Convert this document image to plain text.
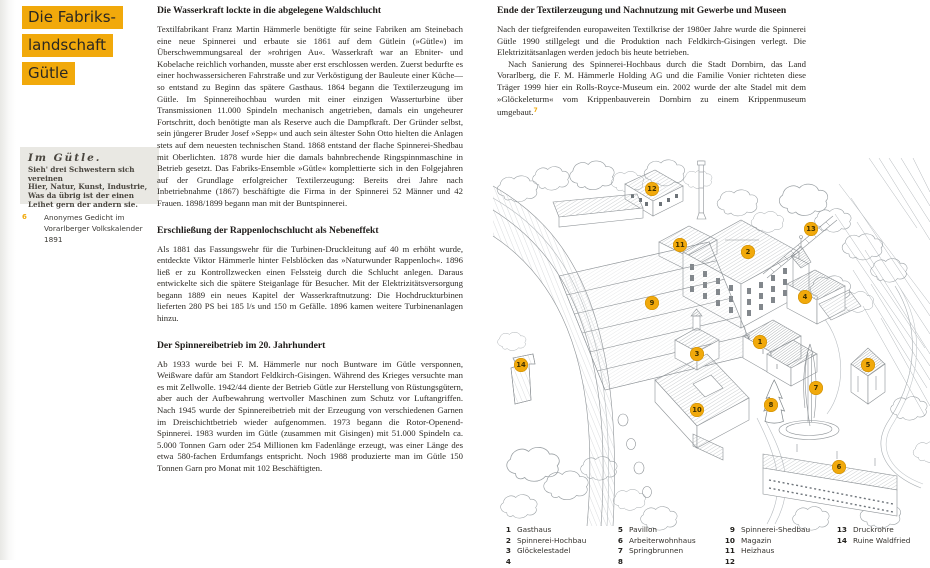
Die Fabriks-
landschaft
Gütle
Im Gütle.
Sieh' drei Schwestern sich vereinen
Hier, Natur, Kunst, Industrie,
Was da übrig ist der einen
Leihet gern der andern sie.
6	Anonymes Gedicht im Vorarlberger Volkskalender 1891
Die Wasserkraft lockte in die abgelegene Waldschlucht

Textilfabrikant Franz Martin Hämmerle benötigte für seine Fabriken am Steinebach eine neue Spinnerei und erbaute sie 1861 auf dem Gütlein (»Gütle«) im Überschwemmungsareal der »rohrigen Au«. Wasserkraft war an Ebniter- und Kobelache reichlich vorhanden, musste aber erst erschlossen werden. Zuerst bedurfte es einer hochwassersicheren Fahrstraße und zur Verköstigung der Bauleute einer Küche—so entstand zu Beginn das spätere Gasthaus. 1864 begann die Textilerzeugung im Gütle. Im Spinnereihochbau wurden mit einer einzigen Wasserturbine über Transmissionen 11.000 Spindeln mechanisch angetrieben, damals ein ungeheurer Fortschritt, doch benötigte man als Reserve auch die Dampfkraft. Der Gründer selbst, sein jüngerer Bruder Josef »Sepp« und auch sein ältester Sohn Otto hielten die Anlagen stets auf dem neuesten technischen Stand. 1868 entstand der flache Spinnerei-Shedbau mit Oberlichten. 1878 wurde hier die damals bahnbrechende Ringspinnmaschine in Betrieb gesetzt. Das Fabriks-Ensemble »Gütle« komplettierte sich in den Folgejahren auf der Grundlage erfolgreicher Textilerzeugung: Bereits drei Jahre nach Inbetriebnahme (1867) beschäftigte die Firma in der Spinnerei 52 Männer und 42 Frauen. 1898/1899 begann man mit der Buntspinnerei.

Erschließung der Rappenlochschlucht als Nebeneffekt

Als 1881 das Fassungswehr für die Turbinen-Druckleitung auf 40 m erhöht wurde, entdeckte Viktor Hämmerle hinter Felsblöcken das »Naturwunder Rappenloch«. 1896 ließ er zu Kontrollzwecken einen Felssteig durch die Schlucht anlegen. Daraus entwickelte sich die spätere Steiganlage für Besucher. Mit der Elektrizitätsversorgung begann 1889 ein neues Kapitel der Wasserkraftnutzung: Die Hochdruckturbinen lieferten 280 PS bei 185 l/s und 150 m Gefälle. 1896 kamen weitere Turbinenanlagen hinzu.

Der Spinnereibetrieb im 20. Jahrhundert

Ab 1933 wurde bei F. M. Hämmerle nur noch Buntware im Gütle versponnen, Weißware dafür am Standort Feldkirch-Gisingen. Während des Krieges versuchte man es mit Zellwolle. 1942/44 diente der Betrieb Gütle zur Herstellung von Rüstungsgütern, aber auch der Aufbewahrung wertvoller Maschinen zum Schutz vor Luftangriffen. Nach 1945 wurde der Spinnereibetrieb mit der Erzeugung von verschiedenen Garnen im Dreischichtbetrieb wieder aufgenommen. 1973 begann die Rotor-Openend-Spinnerei. 1983 wurden im Gütle (zusammen mit Gisingen) mit 51.000 Spindeln ca. 5.000 Tonnen Garn oder 254 Millionen km Fadenlänge erzeugt, was einer Länge des etwa 580-fachen Erdumfangs entspricht. Noch 1988 produzierte man im Gütle 150 Tonnen Garn pro Monat mit 102 Beschäftigten.

Ende der Textilerzeugung und Nachnutzung mit Gewerbe und Museen

Nach der tiefgreifenden europaweiten Textilkrise der 1980er Jahre wurde die Spinnerei Gütle 1990 stillgelegt und die Produktion nach Feldkirch-Gisingen verlegt. Die Elektrizitätsanlagen werden jedoch bis heute betrieben.

Nach Sanierung des Spinnerei-Hochbaus durch die Stadt Dornbirn, das Land Vorarlberg, die F. M. Hämmerle Holding AG und die Familie Vonier richteten diese Träger 1999 hier ein Rolls-Royce-Museum ein. 2002 wurde der alte Stadel mit dem »Glöckeleturm« vom Krippenbauverein Dornbirn zu einem Krippenmuseum umgebaut.$^7$

1
2
3
4
5
6
7
8
9
10
11
12
13
14
1 Gasthaus
2 Spinnerei-Hochbau
3 Glöckelestadel
4
5 Pavillon
6 Arbeiterwohnhaus
7 Springbrunnen
8
9 Spinnerei-Shedbau
10 Magazin
11 Heizhaus
12
13 Druckrohre
14 Ruine Waldfried
